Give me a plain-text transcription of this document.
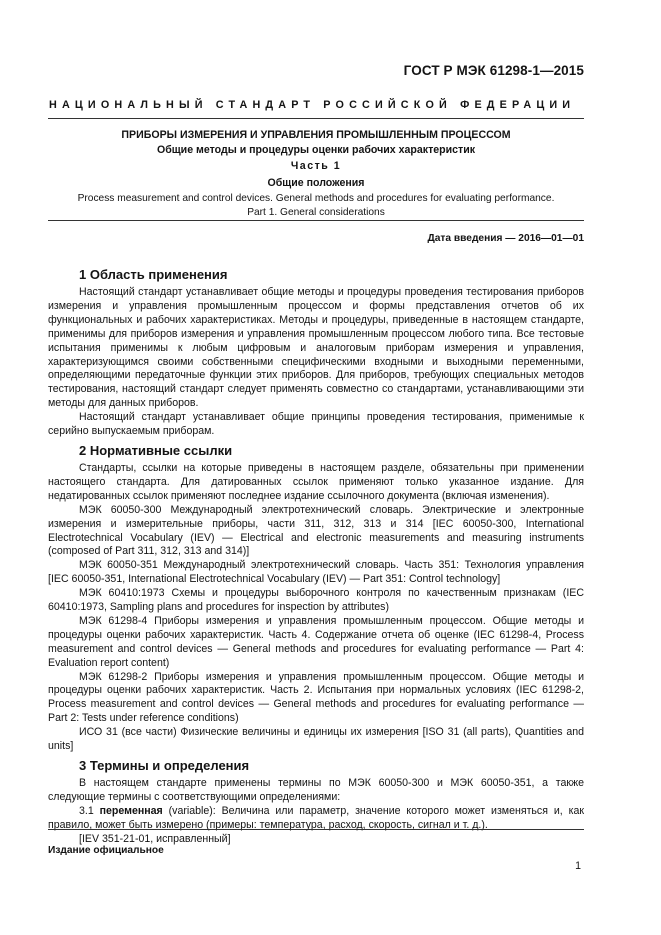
ГОСТ Р МЭК 61298-1—2015
НАЦИОНАЛЬНЫЙ СТАНДАРТ РОССИЙСКОЙ ФЕДЕРАЦИИ
ПРИБОРЫ ИЗМЕРЕНИЯ И УПРАВЛЕНИЯ ПРОМЫШЛЕННЫМ ПРОЦЕССОМ
Общие методы и процедуры оценки рабочих характеристик
Часть 1
Общие положения
Process measurement and control devices. General methods and procedures for evaluating performance.
Part 1. General considerations
Дата введения — 2016—01—01
1 Область применения

Настоящий стандарт устанавливает общие методы и процедуры проведения тестирования приборов измерения и управления промышленным процессом и формы представления отчетов об их функциональных и рабочих характеристиках. Методы и процедуры, приведенные в настоящем стандарте, применимы для приборов измерения и управления промышленным процессом любого типа. Все тестовые испытания применимы к любым цифровым и аналоговым приборам измерения и управления, характеризующимся своими собственными специфическими входными и выходными переменными, определяющими передаточные функции этих приборов. Для приборов, требующих специальных методов тестирования, настоящий стандарт следует применять совместно со стандартами, устанавливающими эти методы для данных приборов.

Настоящий стандарт устанавливает общие принципы проведения тестирования, применимые к серийно выпускаемым приборам.

2 Нормативные ссылки

Стандарты, ссылки на которые приведены в настоящем разделе, обязательны при применении настоящего стандарта. Для датированных ссылок применяют только указанное издание. Для недатированных ссылок применяют последнее издание ссылочного документа (включая изменения).

МЭК 60050-300 Международный электротехнический словарь. Электрические и электронные измерения и измерительные приборы, части 311, 312, 313 и 314 [IEC 60050-300, International Electrotechnical Vocabulary (IEV) — Electrical and electronic measurements and measuring instruments (composed of Part 311, 312, 313 and 314)]

МЭК 60050-351 Международный электротехнический словарь. Часть 351: Технология управления [IEC 60050-351, International Electrotechnical Vocabulary (IEV) — Part 351: Control technology]

МЭК 60410:1973 Схемы и процедуры выборочного контроля по качественным признакам (IEC 60410:1973, Sampling plans and procedures for inspection by attributes)

МЭК 61298-4 Приборы измерения и управления промышленным процессом. Общие методы и процедуры оценки рабочих характеристик. Часть 4. Содержание отчета об оценке (IEC 61298-4, Process measurement and control devices — General methods and procedures for evaluating performance — Part 4: Evaluation report content)

МЭК 61298-2 Приборы измерения и управления промышленным процессом. Общие методы и процедуры оценки рабочих характеристик. Часть 2. Испытания при нормальных условиях (IEC 61298-2, Process measurement and control devices — General methods and procedures for evaluating performance — Part 2: Tests under reference conditions)

ИСО 31 (все части) Физические величины и единицы их измерения [ISO 31 (all parts), Quantities and units]

3 Термины и определения

В настоящем стандарте применены термины по МЭК 60050-300 и МЭК 60050-351, а также следующие термины с соответствующими определениями:

3.1 переменная (variable): Величина или параметр, значение которого может изменяться и, как правило, может быть измерено (примеры: температура, расход, скорость, сигнал и т. д.).

[IEV 351-21-01, исправленный]

Издание официальное
1
